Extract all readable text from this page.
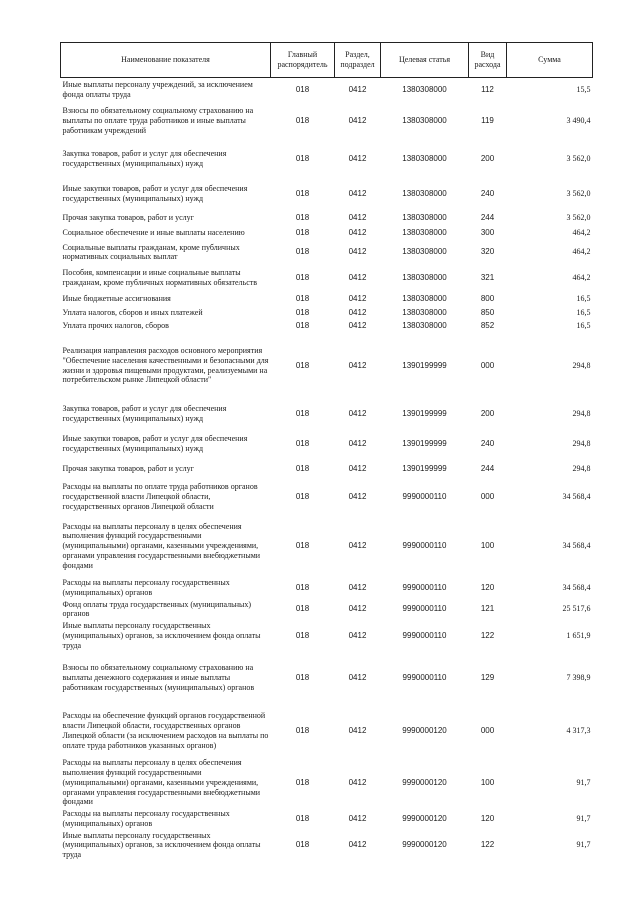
Наименование показателя	Главный распорядитель	Раздел, подраздел	Целевая статья	Вид расхода	Сумма
Иные выплаты персоналу учреждений, за исключением фонда оплаты труда	018	0412	1380308000	112	15,5
Взносы по обязательному социальному страхованию на выплаты по оплате труда работников и иные выплаты работникам учреждений	018	0412	1380308000	119	3 490,4
Закупка товаров, работ и услуг для обеспечения государственных (муниципальных) нужд	018	0412	1380308000	200	3 562,0
Иные закупки товаров, работ и услуг для обеспечения государственных (муниципальных) нужд	018	0412	1380308000	240	3 562,0
Прочая закупка товаров, работ и услуг	018	0412	1380308000	244	3 562,0
Социальное обеспечение и иные выплаты населению	018	0412	1380308000	300	464,2
Социальные выплаты гражданам, кроме публичных нормативных социальных выплат	018	0412	1380308000	320	464,2
Пособия, компенсации и иные социальные выплаты гражданам, кроме публичных нормативных обязательств	018	0412	1380308000	321	464,2
Иные бюджетные ассигнования	018	0412	1380308000	800	16,5
Уплата налогов, сборов и иных платежей	018	0412	1380308000	850	16,5
Уплата прочих налогов, сборов	018	0412	1380308000	852	16,5
Реализация направления расходов основного мероприятия "Обеспечение населения качественными и безопасными для жизни и здоровья пищевыми продуктами, реализуемыми на потребительском рынке Липецкой области"	018	0412	1390199999	000	294,8
Закупка товаров, работ и услуг для обеспечения государственных (муниципальных) нужд	018	0412	1390199999	200	294,8
Иные закупки товаров, работ и услуг для обеспечения государственных (муниципальных) нужд	018	0412	1390199999	240	294,8
Прочая закупка товаров, работ и услуг	018	0412	1390199999	244	294,8
Расходы на выплаты по оплате труда работников органов государственной власти Липецкой области, государственных органов Липецкой области	018	0412	9990000110	000	34 568,4
Расходы на выплаты персоналу в целях обеспечения выполнения функций государственными (муниципальными) органами, казенными учреждениями, органами управления государственными внебюджетными фондами	018	0412	9990000110	100	34 568,4
Расходы на выплаты персоналу государственных (муниципальных) органов	018	0412	9990000110	120	34 568,4
Фонд оплаты труда государственных (муниципальных) органов	018	0412	9990000110	121	25 517,6
Иные выплаты персоналу государственных (муниципальных) органов, за исключением фонда оплаты труда	018	0412	9990000110	122	1 651,9
Взносы по обязательному социальному страхованию на выплаты денежного содержания и иные выплаты работникам государственных (муниципальных) органов	018	0412	9990000110	129	7 398,9
Расходы на обеспечение функций органов государственной власти Липецкой области, государственных органов Липецкой области (за исключением расходов на выплаты по оплате труда работников указанных органов)	018	0412	9990000120	000	4 317,3
Расходы на выплаты персоналу в целях обеспечения выполнения функций государственными (муниципальными) органами, казенными учреждениями, органами управления государственными внебюджетными фондами	018	0412	9990000120	100	91,7
Расходы на выплаты персоналу государственных (муниципальных) органов	018	0412	9990000120	120	91,7
Иные выплаты персоналу государственных (муниципальных) органов, за исключением фонда оплаты труда	018	0412	9990000120	122	91,7
